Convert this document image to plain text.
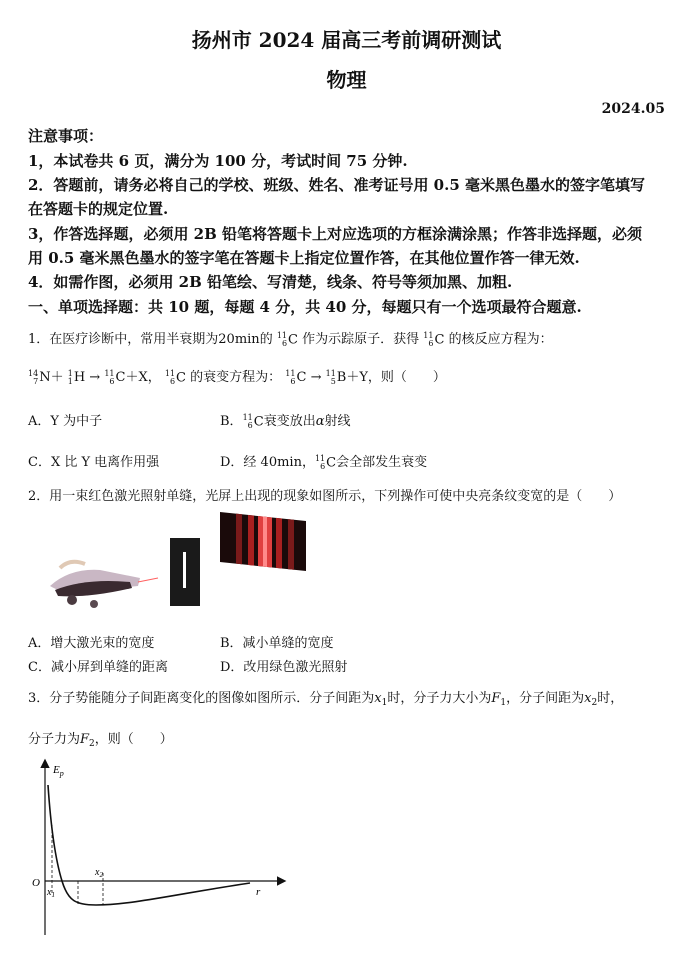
扬州市 2024 届高三考前调研测试
物理
2024.05
注意事项：
1，本试卷共 6 页，满分为 100 分，考试时间 75 分钟.
2．答题前，请务必将自己的学校、班级、姓名、准考证号用 0.5 毫米黑色墨水的签字笔填写
在答题卡的规定位置.
3，作答选择题，必须用 2B 铅笔将答题卡上对应选项的方框涂满涂黑；作答非选择题，必须
用 0.5 毫米黑色墨水的签字笔在答题卡上指定位置作答，在其他位置作答一律无效.
4．如需作图，必须用 2B 铅笔绘、写清楚，线条、符号等须加黑、加粗.
一、单项选择题：共 10 题，每题 4 分，共 40 分，每题只有一个选项最符合题意.
1．在医疗诊断中，常用半衰期为20min的 11
6 C 作为示踪原子．获得 11
6 C 的核反应方程为：
14
7 N＋ 1
1 H → 11
6 C＋X， 11
6 C 的衰变方程为： 11
6 C → 11
5 B＋Y，则（　　）
A．Y 为中子	B． 11
6 C衰变放出α射线
C．X 比 Y 电离作用强	D．经 40min， 11
6 C会全部发生衰变
2．用一束红色激光照射单缝，光屏上出现的现象如图所示，下列操作可使中央亮条纹变宽的是（　　）
A．增大激光束的宽度	B．减小单缝的宽度
C．减小屏到单缝的距离	D．改用绿色激光照射
3．分子势能随分子间距离变化的图像如图所示．分子间距为$x_1$时，分子力大小为$F_1$，分子间距为$x_2$时，
分子力为$F_2$，则（　　）
$E_p$
O
r
$x_1$
$x_2$
